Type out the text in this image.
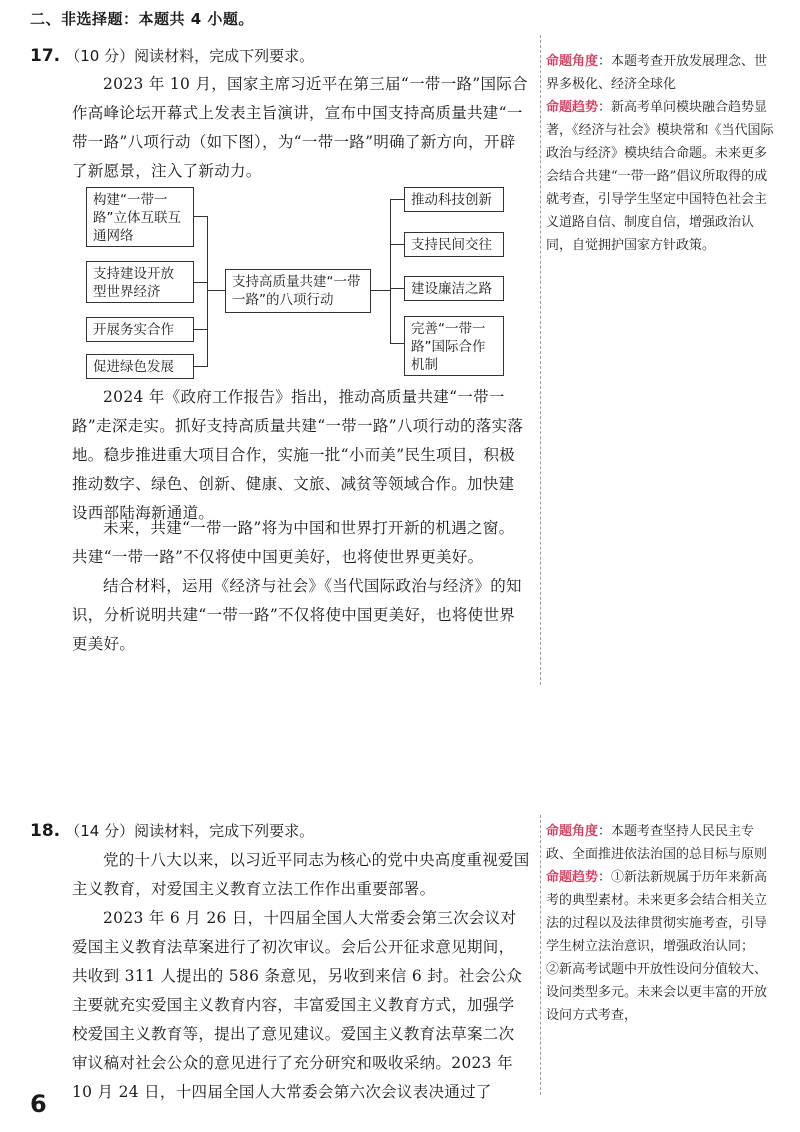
二、非选择题：本题共 4 小题。
17. （10 分）阅读材料，完成下列要求。

2023 年 10 月，国家主席习近平在第三届“一带一路”国际合作高峰论坛开幕式上发表主旨演讲，宣布中国支持高质量共建“一带一路”八项行动（如下图），为“一带一路”明确了新方向，开辟了新愿景，注入了新动力。

构建“一带一路”立体互联互通网络
支持建设开放型世界经济
开展务实合作
促进绿色发展
支持高质量共建“一带一路”的八项行动
推动科技创新
支持民间交往
建设廉洁之路
完善“一带一路”国际合作机制

2024 年《政府工作报告》指出，推动高质量共建“一带一路”走深走实。抓好支持高质量共建“一带一路”八项行动的落实落地。稳步推进重大项目合作，实施一批“小而美”民生项目，积极推动数字、绿色、创新、健康、文旅、减贫等领域合作。加快建设西部陆海新通道。

未来，共建“一带一路”将为中国和世界打开新的机遇之窗。共建“一带一路”不仅将使中国更美好，也将使世界更美好。

结合材料，运用《经济与社会》《当代国际政治与经济》的知识，分析说明共建“一带一路”不仅将使中国更美好，也将使世界更美好。

命题角度：本题考查开放发展理念、世界多极化、经济全球化
命题趋势：新高考单问模块融合趋势显著，《经济与社会》模块常和《当代国际政治与经济》模块结合命题。未来更多会结合共建“一带一路”倡议所取得的成就考查，引导学生坚定中国特色社会主义道路自信、制度自信，增强政治认同，自觉拥护国家方针政策。
18. （14 分）阅读材料，完成下列要求。

党的十八大以来，以习近平同志为核心的党中央高度重视爱国主义教育，对爱国主义教育立法工作作出重要部署。

2023 年 6 月 26 日，十四届全国人大常委会第三次会议对爱国主义教育法草案进行了初次审议。会后公开征求意见期间，共收到 311 人提出的 586 条意见，另收到来信 6 封。社会公众主要就充实爱国主义教育内容，丰富爱国主义教育方式，加强学校爱国主义教育等，提出了意见建议。爱国主义教育法草案二次审议稿对社会公众的意见进行了充分研究和吸收采纳。2023 年 10 月 24 日，十四届全国人大常委会第六次会议表决通过了

命题角度：本题考查坚持人民民主专政、全面推进依法治国的总目标与原则
命题趋势：①新法新规属于历年来新高考的典型素材。未来更多会结合相关立法的过程以及法律贯彻实施考查，引导学生树立法治意识，增强政治认同；
②新高考试题中开放性设问分值较大、设问类型多元。未来会以更丰富的开放设问方式考查，
6
